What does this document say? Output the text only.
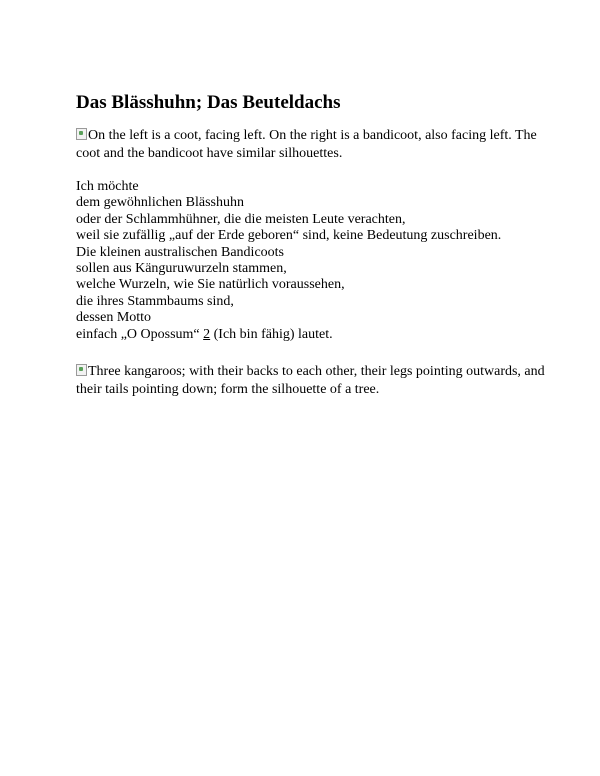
Das Blässhuhn; Das Beuteldachs
On the left is a coot, facing left. On the right is a bandicoot, also facing left. The coot and the bandicoot have similar silhouettes.
Ich möchte
dem gewöhnlichen Blässhuhn
oder der Schlammhühner, die die meisten Leute verachten,
weil sie zufällig „auf der Erde geboren“ sind, keine Bedeutung zuschreiben.
Die kleinen australischen Bandicoots
sollen aus Känguruwurzeln stammen,
welche Wurzeln, wie Sie natürlich voraussehen,
die ihres Stammbaums sind,
dessen Motto
einfach „O Opossum“ 2 (Ich bin fähig) lautet.
Three kangaroos; with their backs to each other, their legs pointing outwards, and their tails pointing down; form the silhouette of a tree.
